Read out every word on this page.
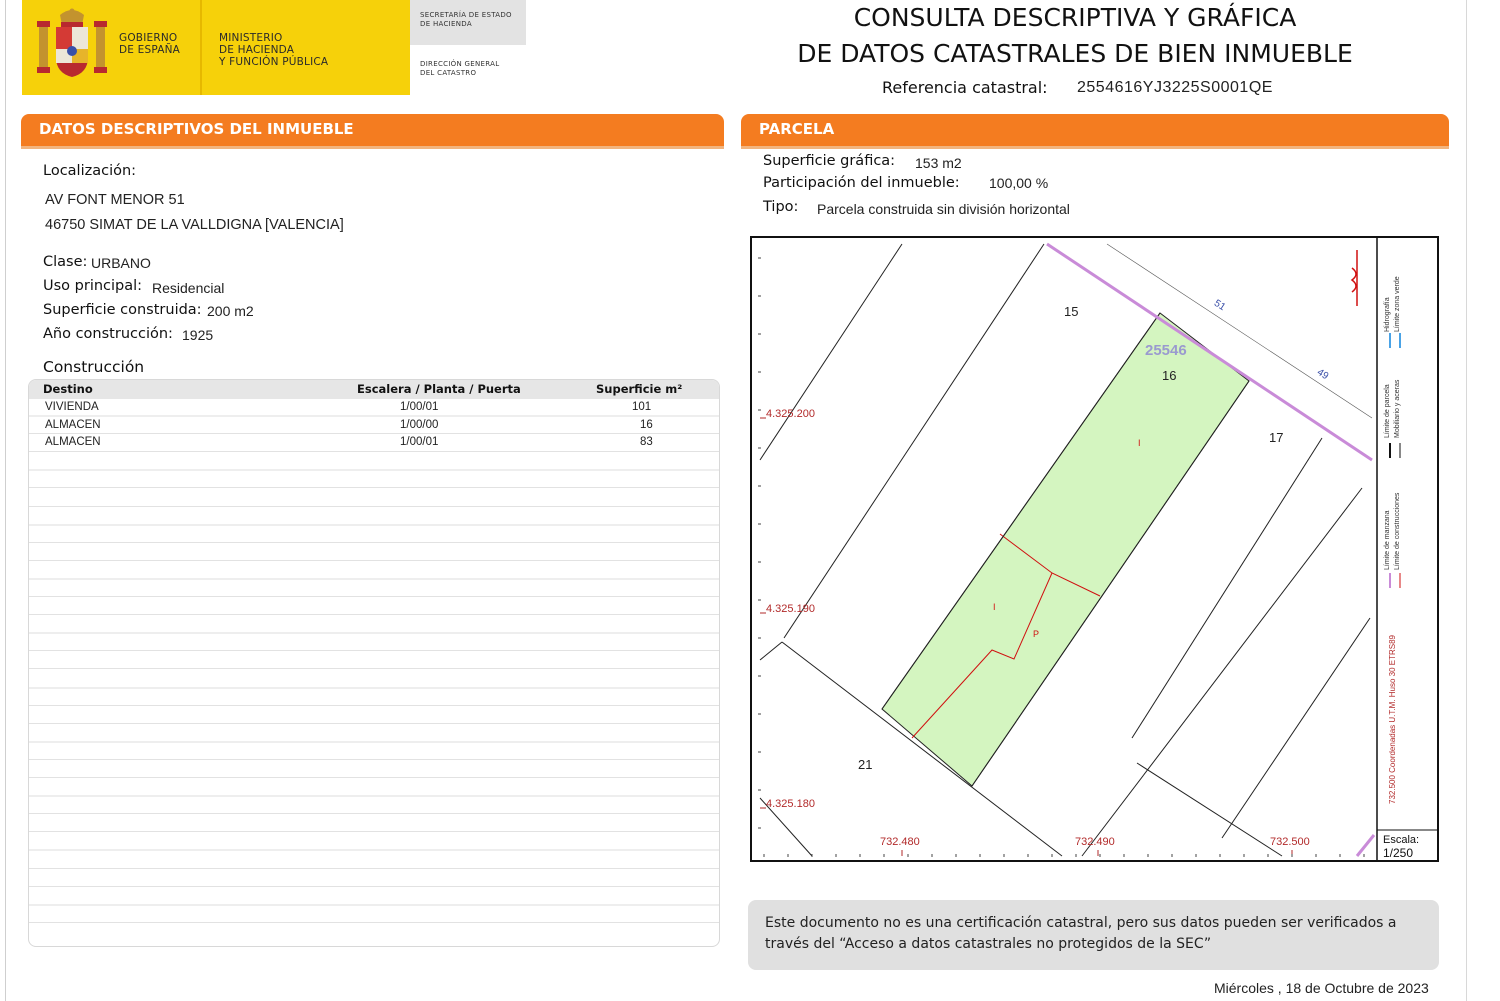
GOBIERNO
DE ESPAÑA
MINISTERIO
DE HACIENDA
Y FUNCIÓN PÚBLICA
SECRETARÍA DE ESTADO
DE HACIENDA
DIRECCIÓN GENERAL
DEL CATASTRO
CONSULTA DESCRIPTIVA Y GRÁFICA
DE DATOS CATASTRALES DE BIEN INMUEBLE
Referencia catastral: 2554616YJ3225S0001QE
DATOS DESCRIPTIVOS DEL INMUEBLE
Localización:
AV FONT MENOR 51
46750 SIMAT DE LA VALLDIGNA [VALENCIA]
Clase: URBANO
Uso principal: Residencial
Superficie construida: 200 m2
Año construcción: 1925
Construcción
Destino	Escalera / Planta / Puerta	Superficie m²
VIVIENDA	1/00/01	101
ALMACEN	1/00/00	16
ALMACEN	1/00/01	83
PARCELA
Superficie gráfica: 153 m2
Participación del inmueble: 100,00 %
Tipo: Parcela construida sin división horizontal
15
16
17
21
25546
51
49
I
I
P
4.325.200
4.325.190
4.325.180
732.480	732.490	732.500
Hidrografía Límite zona verde
Límite de parcela Mobiliario y aceras
Límite de manzana Límite de construcciones
732.500 Coordenadas U.T.M. Huso 30 ETRS89
Escala:
1/250
Este documento no es una certificación catastral, pero sus datos pueden ser verificados a través del “Acceso a datos catastrales no protegidos de la SEC”
Miércoles , 18 de Octubre de 2023
